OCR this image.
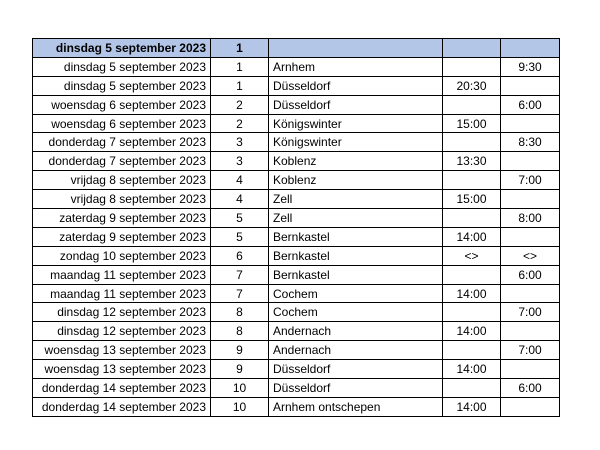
dinsdag 5 september 2023	1			
dinsdag 5 september 2023	1	Arnhem		9:30
dinsdag 5 september 2023	1	Düsseldorf	20:30	
woensdag 6 september 2023	2	Düsseldorf		6:00
woensdag 6 september 2023	2	Königswinter	15:00	
donderdag 7 september 2023	3	Königswinter		8:30
donderdag 7 september 2023	3	Koblenz	13:30	
vrijdag 8 september 2023	4	Koblenz		7:00
vrijdag 8 september 2023	4	Zell	15:00	
zaterdag 9 september 2023	5	Zell		8:00
zaterdag 9 september 2023	5	Bernkastel	14:00	
zondag 10 september 2023	6	Bernkastel	<>	<>
maandag 11 september 2023	7	Bernkastel		6:00
maandag 11 september 2023	7	Cochem	14:00	
dinsdag 12 september 2023	8	Cochem		7:00
dinsdag 12 september 2023	8	Andernach	14:00	
woensdag 13 september 2023	9	Andernach		7:00
woensdag 13 september 2023	9	Düsseldorf	14:00	
donderdag 14 september 2023	10	Düsseldorf		6:00
donderdag 14 september 2023	10	Arnhem ontschepen	14:00	
